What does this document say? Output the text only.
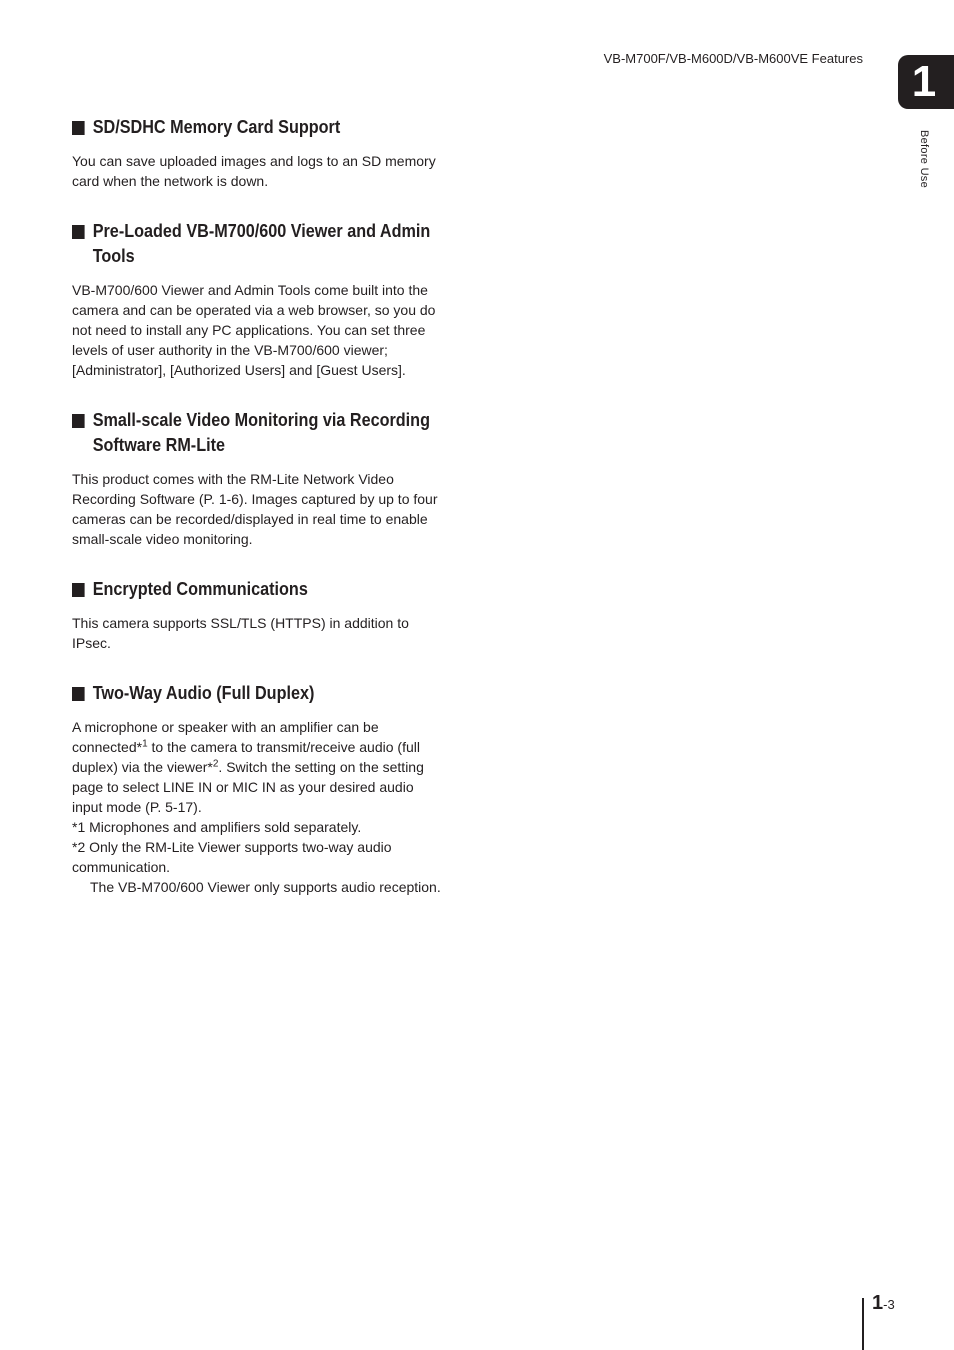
VB-M700F/VB-M600D/VB-M600VE Features	1
Before Use
SD/SDHC Memory Card Support
You can save uploaded images and logs to an SD memory card when the network is down.
Pre-Loaded VB-M700/600 Viewer and Admin Tools
VB-M700/600 Viewer and Admin Tools come built into the camera and can be operated via a web browser, so you do not need to install any PC applications. You can set three levels of user authority in the VB-M700/600 viewer; [Administrator], [Authorized Users] and [Guest Users].
Small-scale Video Monitoring via Recording Software RM-Lite
This product comes with the RM-Lite Network Video Recording Software (P. 1-6). Images captured by up to four cameras can be recorded/displayed in real time to enable small-scale video monitoring.
Encrypted Communications
This camera supports SSL/TLS (HTTPS) in addition to IPsec.
Two-Way Audio (Full Duplex)

A microphone or speaker with an amplifier can be connected*$^1$ to the camera to transmit/receive audio (full duplex) via the viewer*$^2$. Switch the setting on the setting page to select LINE IN or MIC IN as your desired audio input mode (P. 5-17).

*1 Microphones and amplifiers sold separately.

*2 Only the RM-Lite Viewer supports two-way audio communication.

The VB-M700/600 Viewer only supports audio reception.

1-3
